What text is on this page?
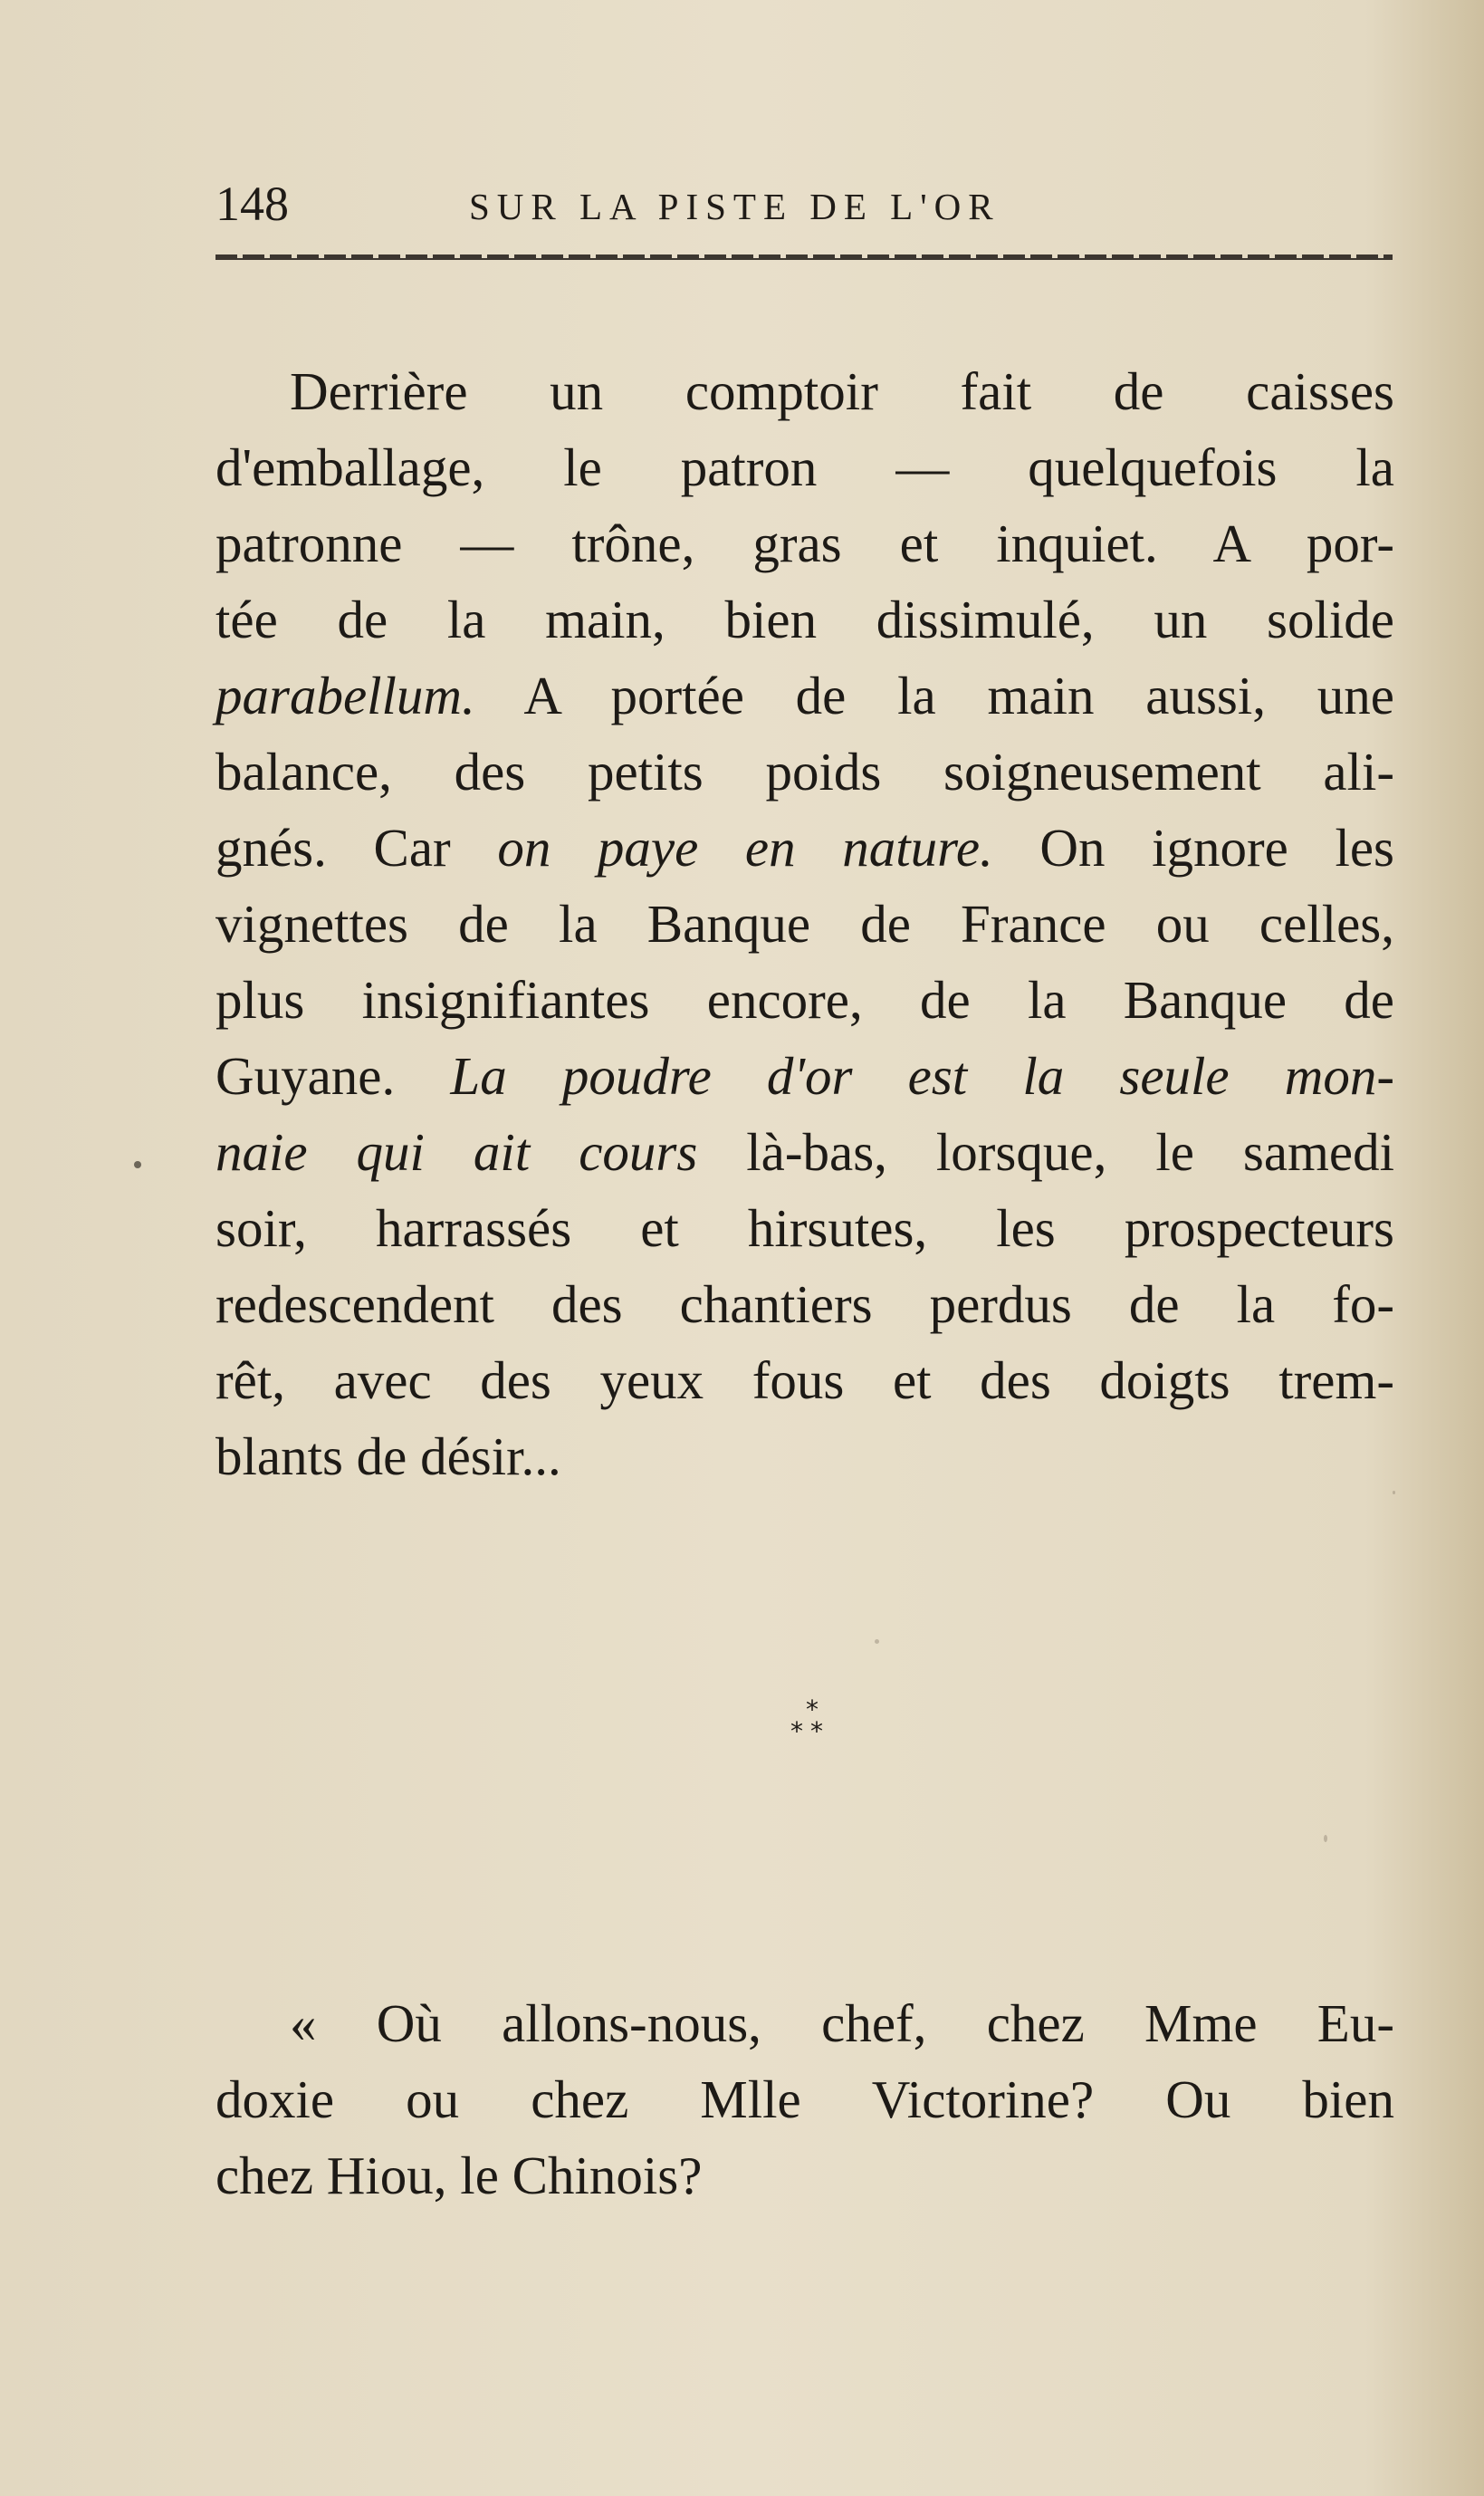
148	SUR LA PISTE DE L'OR
Derrière un comptoir fait de caisses
d'emballage, le patron — quelquefois la
patronne — trône, gras et inquiet. A por-
tée de la main, bien dissimulé, un solide
parabellum. A portée de la main aussi, une
balance, des petits poids soigneusement ali-
gnés. Car on paye en nature. On ignore les
vignettes de la Banque de France ou celles,
plus insignifiantes encore, de la Banque de
Guyane. La poudre d'or est la seule mon-
naie qui ait cours là-bas, lorsque, le samedi
soir, harrassés et hirsutes, les prospecteurs
redescendent des chantiers perdus de la fo-
rêt, avec des yeux fous et des doigts trem-
blants de désir...
*
**
« Où allons-nous, chef, chez Mme Eu-
doxie ou chez Mlle Victorine? Ou bien
chez Hiou, le Chinois?
